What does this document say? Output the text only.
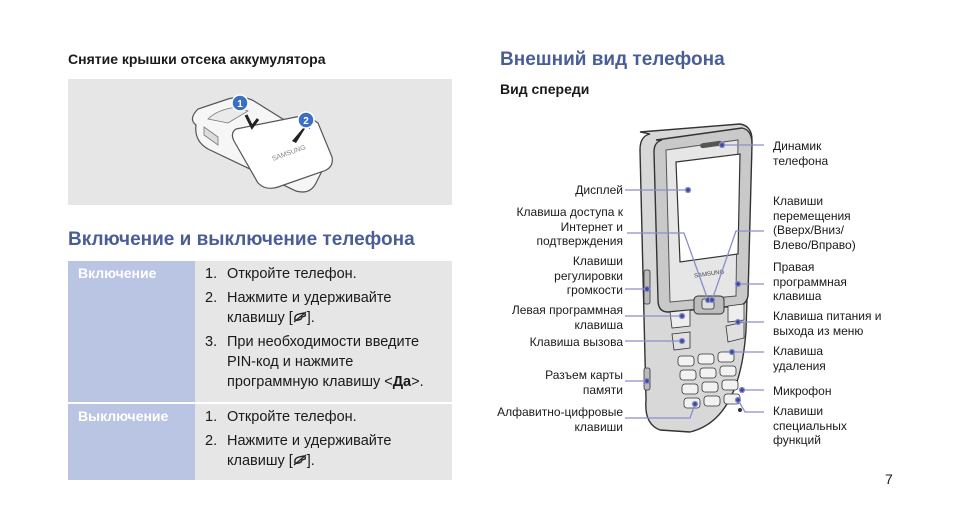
Снятие крышки отсека аккумулятора
SAMSUNG
1
2
Включение и выключение телефона
Включение	1. Откройте телефон.
2. Нажмите и удерживайте клавишу [ ].
3. При необходимости введите PIN-код и нажмите программную клавишу <Да>.
Выключение	1. Откройте телефон.
2. Нажмите и удерживайте клавишу [ ].
Внешний вид телефона
Вид спереди
SAMSUNG
Дисплей
Клавиша доступа к Интернет и подтверждения
Клавиши регулировки громкости
Левая программная клавиша
Клавиша вызова
Разъем карты памяти
Алфавитно-цифровые клавиши
Динамик телефона
Клавиши перемещения (Вверх/Вниз/ Влево/Вправо)
Правая программная клавиша
Клавиша питания и выхода из меню
Клавиша удаления
Микрофон
Клавиши специальных функций
7
